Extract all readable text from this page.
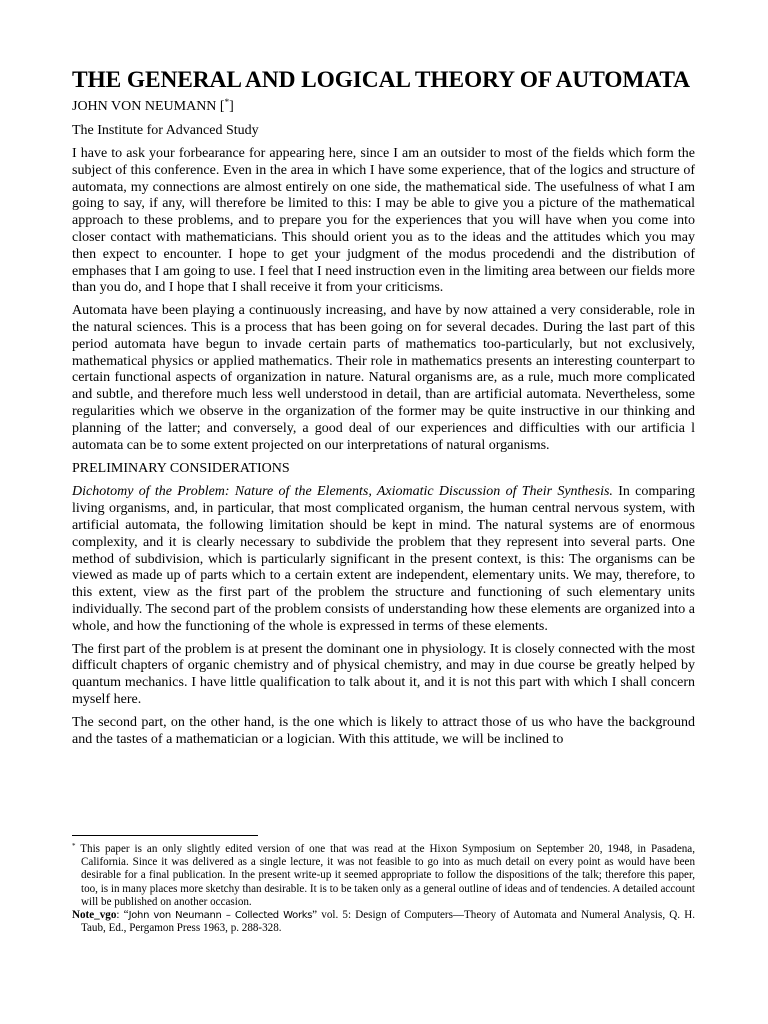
THE GENERAL AND LOGICAL THEORY OF AUTOMATA
JOHN VON NEUMANN [*]
The Institute for Advanced Study

I have to ask your forbearance for appearing here, since I am an outsider to most of the fields which form the subject of this conference. Even in the area in which I have some experience, that of the logics and structure of automata, my connections are almost entirely on one side, the mathematical side. The usefulness of what I am going to say, if any, will therefore be limited to this: I may be able to give you a picture of the mathematical approach to these problems, and to prepare you for the experiences that you will have when you come into closer contact with mathematicians. This should orient you as to the ideas and the attitudes which you may then expect to encounter. I hope to get your judgment of the modus procedendi and the distribution of emphases that I am going to use. I feel that I need instruction even in the limiting area between our fields more than you do, and I hope that I shall receive it from your criticisms.

Automata have been playing a continuously increasing, and have by now attained a very considerable, role in the natural sciences. This is a process that has been going on for several decades. During the last part of this period automata have begun to invade certain parts of mathematics too-particularly, but not exclusively, mathematical physics or applied mathematics. Their role in mathematics presents an interesting counterpart to certain functional aspects of organization in nature. Natural organisms are, as a rule, much more complicated and subtle, and therefore much less well understood in detail, than are artificial automata. Nevertheless, some regularities which we observe in the organization of the former may be quite instructive in our thinking and planning of the latter; and conversely, a good deal of our experiences and difficulties with our artificia l automata can be to some extent projected on our interpretations of natural organisms.

PRELIMINARY CONSIDERATIONS

Dichotomy of the Problem: Nature of the Elements, Axiomatic Discussion of Their Synthesis. In comparing living organisms, and, in particular, that most complicated organism, the human central nervous system, with artificial automata, the following limitation should be kept in mind. The natural systems are of enormous complexity, and it is clearly necessary to subdivide the problem that they represent into several parts. One method of subdivision, which is particularly significant in the present context, is this: The organisms can be viewed as made up of parts which to a certain extent are independent, elementary units. We may, therefore, to this extent, view as the first part of the problem the structure and functioning of such elementary units individually. The second part of the problem consists of understanding how these elements are organized into a whole, and how the functioning of the whole is expressed in terms of these elements.

The first part of the problem is at present the dominant one in physiology. It is closely connected with the most difficult chapters of organic chemistry and of physical chemistry, and may in due course be greatly helped by quantum mechanics. I have little qualification to talk about it, and it is not this part with which I shall concern myself here.

The second part, on the other hand, is the one which is likely to attract those of us who have the background and the tastes of a mathematician or a logician. With this attitude, we will be inclined to

* This paper is an only slightly edited version of one that was read at the Hixon Symposium on September 20, 1948, in Pasadena, California. Since it was delivered as a single lecture, it was not feasible to go into as much detail on every point as would have been desirable for a final publication. In the present write-up it seemed appropriate to follow the dispositions of the talk; therefore this paper, too, is in many places more sketchy than desirable. It is to be taken only as a general outline of ideas and of tendencies. A detailed account will be published on another occasion.

Note_vgo: “John von Neumann – Collected Works” vol. 5: Design of Computers—Theory of Automata and Numeral Analysis, Q. H. Taub, Ed., Pergamon Press 1963, p. 288-328.
